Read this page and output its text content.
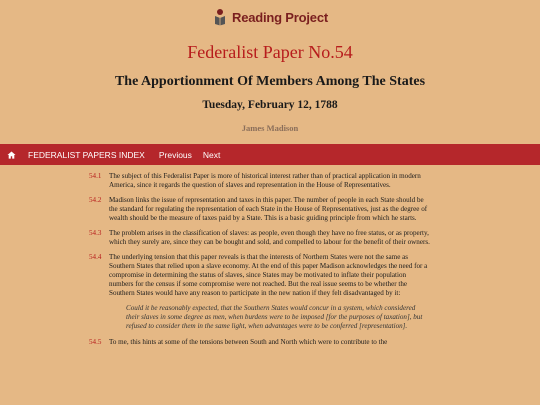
Reading Project
Federalist Paper No.54
The Apportionment Of Members Among The States
Tuesday, February 12, 1788
James Madison
FEDERALIST PAPERS INDEX Previous Next
54.1	The subject of this Federalist Paper is more of historical interest rather than of practical application in modern America, since it regards the question of slaves and representation in the House of Representatives.
54.2	Madison links the issue of representation and taxes in this paper. The number of people in each State should be the standard for regulating the representation of each State in the House of Representatives, just as the degree of wealth should be the measure of taxes paid by a State. This is a basic guiding principle from which he starts.
54.3	The problem arises in the classification of slaves: as people, even though they have no free status, or as property, which they surely are, since they can be bought and sold, and compelled to labour for the benefit of their owners.
54.4	The underlying tension that this paper reveals is that the interests of Northern States were not the same as Southern States that relied upon a slave economy. At the end of this paper Madison acknowledges the need for a compromise in determining the status of slaves, since States may be motivated to inflate their population numbers for the census if some compromise were not reached. But the real issue seems to be whether the Southern States would have any reason to participate in the new nation if they felt disadvantaged by it:
Could it be reasonably expected, that the Southern States would concur in a system, which considered their slaves in some degree as men, when burdens were to be imposed [for the purposes of taxation], but refused to consider them in the same light, when advantages were to be conferred [representation].
54.5	To me, this hints at some of the tensions between South and North which were to contribute to the
